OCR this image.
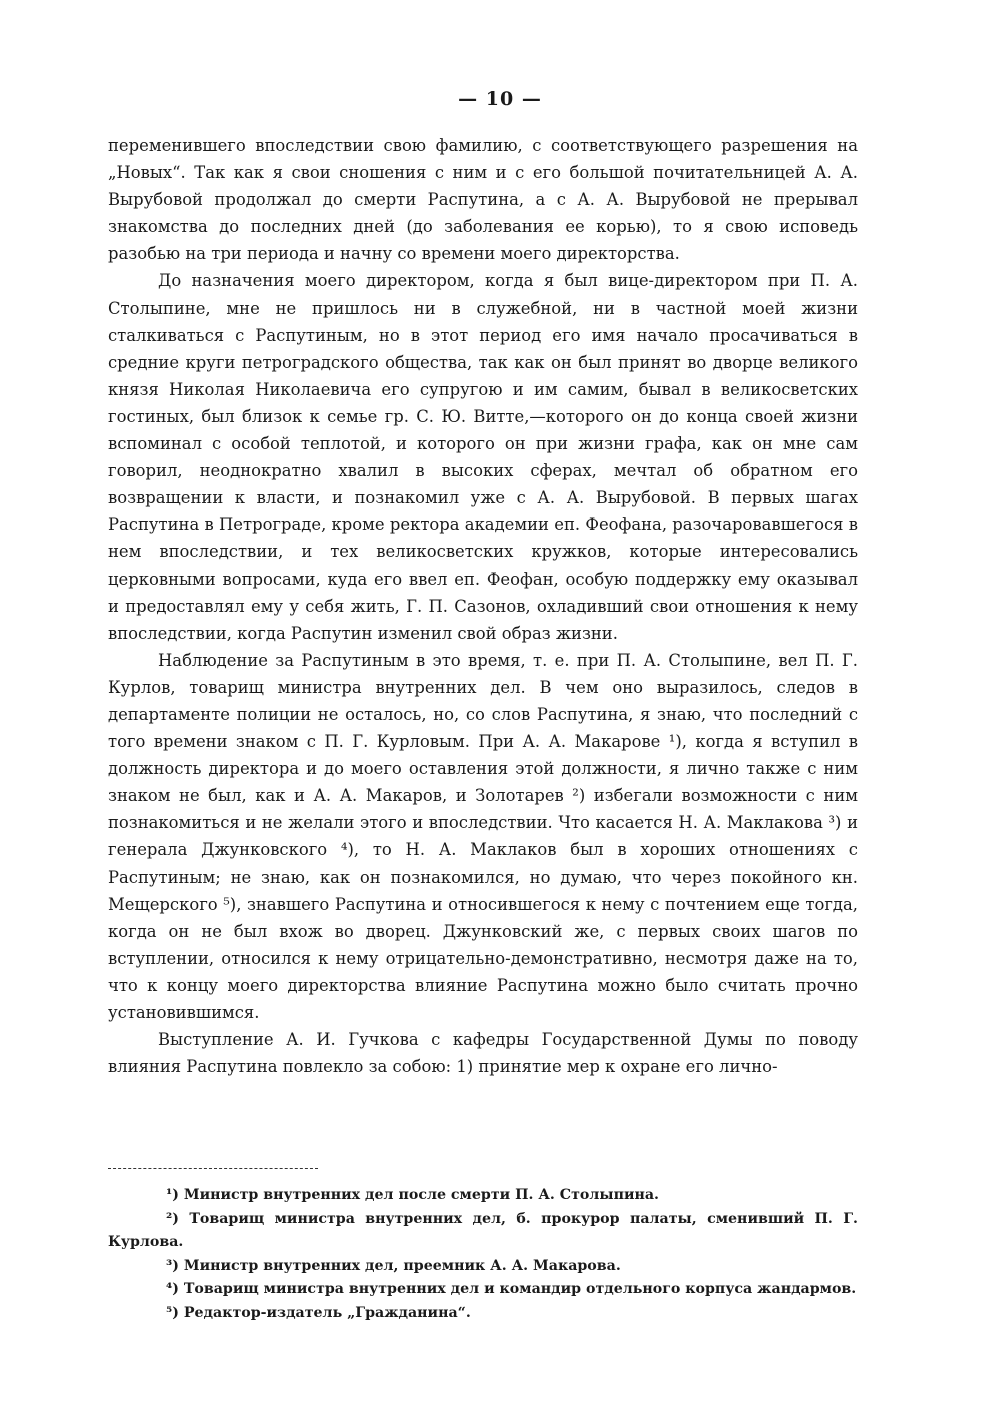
— 10 —

переменившего впоследствии свою фамилию, с соответствующего разрешения на „Новых“. Так как я свои сношения с ним и с его большой почитательницей А. А. Вырубовой продолжал до смерти Распутина, а с А. А. Вырубовой не прерывал знакомства до последних дней (до заболевания ее корью), то я свою исповедь разобью на три периода и начну со времени моего директорства.

До назначения моего директором, когда я был вице-директором при П. А. Столыпине, мне не пришлось ни в служебной, ни в частной моей жизни сталкиваться с Распутиным, но в этот период его имя начало просачиваться в средние круги петроградского общества, так как он был принят во дворце великого князя Николая Николаевича его супругою и им самим, бывал в великосветских гостиных, был близок к семье гр. С. Ю. Витте,—которого он до конца своей жизни вспоминал с особой теплотой, и которого он при жизни графа, как он мне сам говорил, неоднократно хвалил в высоких сферах, мечтал об обратном его возвращении к власти, и познакомил уже с А. А. Вырубовой. В первых шагах Распутина в Петрограде, кроме ректора академии еп. Феофана, разочаровавшегося в нем впоследствии, и тех великосветских кружков, которые интересовались церковными вопросами, куда его ввел еп. Феофан, особую поддержку ему оказывал и предоставлял ему у себя жить, Г. П. Сазонов, охладивший свои отношения к нему впоследствии, когда Распутин изменил свой образ жизни.

Наблюдение за Распутиным в это время, т. е. при П. А. Столыпине, вел П. Г. Курлов, товарищ министра внутренних дел. В чем оно выразилось, следов в департаменте полиции не осталось, но, со слов Распутина, я знаю, что последний с того времени знаком с П. Г. Курловым. При А. А. Макарове ¹), когда я вступил в должность директора и до моего оставления этой должности, я лично также с ним знаком не был, как и А. А. Макаров, и Золотарев ²) избегали возможности с ним познакомиться и не желали этого и впоследствии. Что касается Н. А. Маклакова ³) и генерала Джунковского ⁴), то Н. А. Маклаков был в хороших отношениях с Распутиным; не знаю, как он познакомился, но думаю, что через покойного кн. Мещерского ⁵), знавшего Распутина и относившегося к нему с почтением еще тогда, когда он не был вхож во дворец. Джунковский же, с первых своих шагов по вступлении, относился к нему отрицательно-демонстративно, несмотря даже на то, что к концу моего директорства влияние Распутина можно было считать прочно установившимся.

Выступление А. И. Гучкова с кафедры Государственной Думы по поводу влияния Распутина повлекло за собою: 1) принятие мер к охране его лично-

¹) Министр внутренних дел после смерти П. А. Столыпина.

²) Товарищ министра внутренних дел, б. прокурор палаты, сменивший П. Г. Курлова.

³) Министр внутренних дел, преемник А. А. Макарова.

⁴) Товарищ министра внутренних дел и командир отдельного корпуса жандармов.

⁵) Редактор-издатель „Гражданина“.
